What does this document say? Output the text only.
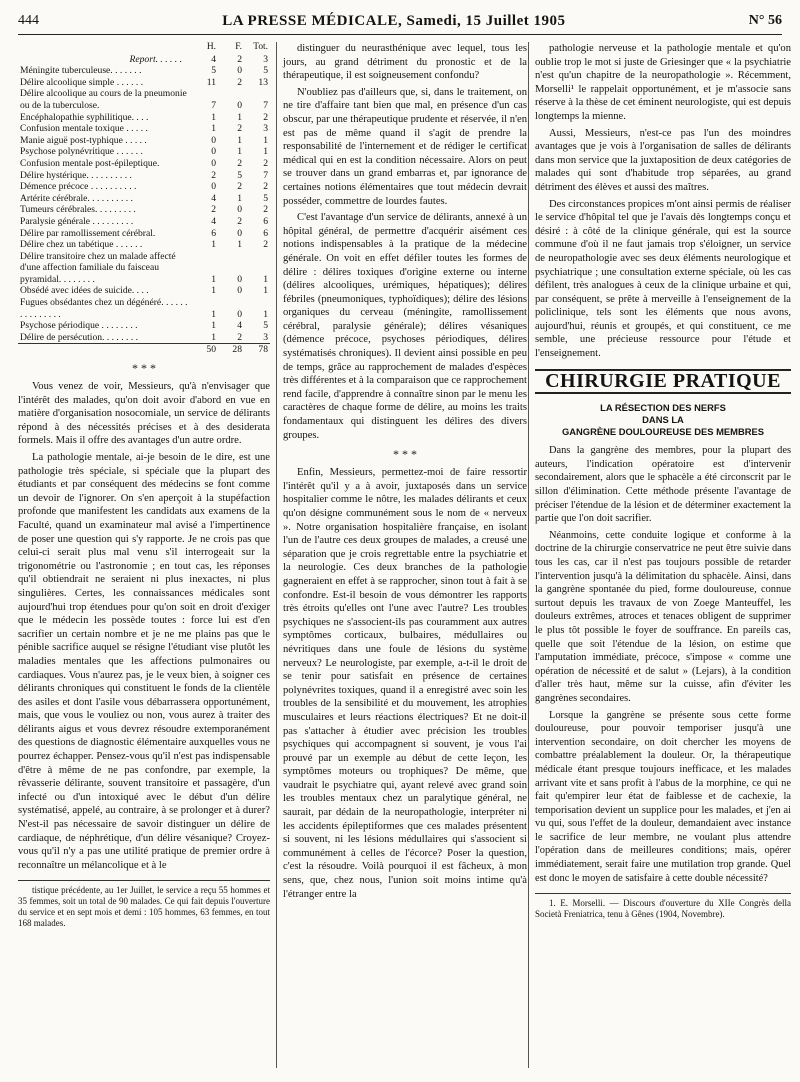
444	LA PRESSE MÉDICALE, Samedi, 15 Juillet 1905	N° 56
	H.	F.	Tot.
Report. . . . . .	4	2	3
Méningite tuberculeuse. . . . . . .	5	0	5
Délire alcoolique simple . . . . . .	11	2	13
Délire alcoolique au cours de la pneumonie ou de la tuberculose.	7	0	7
Encéphalopathie syphilitique. . . .	1	1	2
Confusion mentale toxique . . . . .	1	2	3
Manie aiguë post-typhique . . . . .	0	1	1
Psychose polynévritique . . . . . .	0	1	1
Confusion mentale post-épileptique.	0	2	2
Délire hystérique. . . . . . . . . .	2	5	7
Démence précoce . . . . . . . . . .	0	2	2
Artérite cérébrale. . . . . . . . . .	4	1	5
Tumeurs cérébrales. . . . . . . . .	2	0	2
Paralysie générale . . . . . . . . .	4	2	6
Délire par ramollissement cérébral.	6	0	6
Délire chez un tabétique . . . . . .	1	1	2
Délire transitoire chez un malade affecté d'une affection familiale du faisceau pyramidal. . . . . . . .	1	0	1
Obsédé avec idées de suicide. . . .	1	0	1
Fugues obsédantes chez un dégénéré. . . . . . . . . . . . . . .	1	0	1
Psychose périodique . . . . . . . .	1	4	5
Délire de persécution. . . . . . . .	1	2	3
	50	28	78
* * *

Vous venez de voir, Messieurs, qu'à n'envisager que l'intérêt des malades, qu'on doit avoir d'abord en vue en matière d'organisation nosocomiale, un service de délirants répond à des nécessités précises et à des desiderata formels. Mais il offre des avantages d'un autre ordre.

La pathologie mentale, ai-je besoin de le dire, est une pathologie très spéciale, si spéciale que la plupart des étudiants et par conséquent des médecins se font comme un devoir de l'ignorer. On s'en aperçoit à la stupéfaction profonde que manifestent les candidats aux examens de la Faculté, quand un examinateur mal avisé a l'impertinence de poser une question qui s'y rapporte. Je ne crois pas que celui-ci serait plus mal venu s'il interrogeait sur la trigonométrie ou l'astronomie ; en tout cas, les réponses qu'il obtiendrait ne seraient ni plus inexactes, ni plus singulières. Certes, les connaissances médicales sont aujourd'hui trop étendues pour qu'on soit en droit d'exiger que le médecin les possède toutes : force lui est d'en sacrifier un certain nombre et je ne me plains pas que le pénible sacrifice auquel se résigne l'étudiant vise plutôt les maladies mentales que les affections pulmonaires ou cardiaques. Vous n'aurez pas, je le veux bien, à soigner ces délirants chroniques qui constituent le fonds de la clientèle des asiles et dont l'asile vous débarrassera opportunément, mais, que vous le vouliez ou non, vous aurez à traiter des délirants aigus et vous devrez résoudre extemporanément des questions de diagnostic élémentaire auxquelles vous ne pourrez échapper. Pensez-vous qu'il n'est pas indispensable d'être à même de ne pas confondre, par exemple, la rêvasserie délirante, souvent transitoire et passagère, d'un infecté ou d'un intoxiqué avec le début d'un délire systématisé, appelé, au contraire, à se prolonger et à durer? N'est-il pas nécessaire de savoir distinguer un délire de cardiaque, de néphrétique, d'un délire vésanique? Croyez-vous qu'il n'y a pas une utilité pratique de premier ordre à reconnaître un mélancolique et à le

tistique précédente, au 1er Juillet, le service a reçu 55 hommes et 35 femmes, soit un total de 90 malades. Ce qui fait depuis l'ouverture du service et en sept mois et demi : 105 hommes, 63 femmes, en tout 168 malades.

distinguer du neurasthénique avec lequel, tous les jours, au grand détriment du pronostic et de la thérapeutique, il est soigneusement confondu?

N'oubliez pas d'ailleurs que, si, dans le traitement, on ne tire d'affaire tant bien que mal, en présence d'un cas obscur, par une thérapeutique prudente et réservée, il n'en est pas de même quand il s'agit de prendre la responsabilité de l'internement et de rédiger le certificat médical qui en est la condition nécessaire. Alors on peut se trouver dans un grand embarras et, par ignorance de certaines notions élémentaires que tout médecin devrait posséder, commettre de lourdes fautes.

C'est l'avantage d'un service de délirants, annexé à un hôpital général, de permettre d'acquérir aisément ces notions indispensables à la pratique de la médecine générale. On voit en effet défiler toutes les formes de délire : délires toxiques d'origine externe ou interne (délires alcooliques, urémiques, hépatiques); délires fébriles (pneumoniques, typhoïdiques); délire des lésions organiques du cerveau (méningite, ramollissement cérébral, paralysie générale); délires vésaniques (démence précoce, psychoses périodiques, délires systématisés chroniques). Il devient ainsi possible en peu de temps, grâce au rapprochement de malades d'espèces très différentes et à la comparaison que ce rapprochement rend facile, d'apprendre à connaître sinon par le menu les caractères de chaque forme de délire, au moins les traits fondamentaux qui distinguent les délires des divers groupes.

* * *

Enfin, Messieurs, permettez-moi de faire ressortir l'intérêt qu'il y a à avoir, juxtaposés dans un service hospitalier comme le nôtre, les malades délirants et ceux qu'on désigne communément sous le nom de « nerveux ». Notre organisation hospitalière française, en isolant l'un de l'autre ces deux groupes de malades, a creusé une séparation que je crois regrettable entre la psychiatrie et la neurologie. Ces deux branches de la pathologie gagneraient en effet à se rapprocher, sinon tout à fait à se confondre. Est-il besoin de vous démontrer les rapports très étroits qu'elles ont l'une avec l'autre? Les troubles psychiques ne s'associent-ils pas couramment aux autres symptômes corticaux, bulbaires, médullaires ou névritiques dans une foule de lésions du système nerveux? Le neurologiste, par exemple, a-t-il le droit de se tenir pour satisfait en présence de certaines polynévrites toxiques, quand il a enregistré avec soin les troubles de la sensibilité et du mouvement, les atrophies musculaires et leurs réactions électriques? Et ne doit-il pas s'attacher à étudier avec précision les troubles psychiques qui accompagnent si souvent, je vous l'ai prouvé par un exemple au début de cette leçon, les symptômes moteurs ou trophiques? De même, que vaudrait le psychiatre qui, ayant relevé avec grand soin les troubles mentaux chez un paralytique général, ne saurait, par dédain de la neuropathologie, interpréter ni les accidents épileptiformes que ces malades présentent si souvent, ni les lésions médullaires qui s'associent si communément à celles de l'écorce? Poser la question, c'est la résoudre. Voilà pourquoi il est fâcheux, à mon sens, que, chez nous, l'union soit moins intime qu'à l'étranger entre la

pathologie nerveuse et la pathologie mentale et qu'on oublie trop le mot si juste de Griesinger que « la psychiatrie n'est qu'un chapitre de la neuropathologie ». Récemment, Morselli¹ le rappelait opportunément, et je m'associe sans réserve à la thèse de cet éminent neurologiste, qui est depuis longtemps la mienne.

Aussi, Messieurs, n'est-ce pas l'un des moindres avantages que je vois à l'organisation de salles de délirants dans mon service que la juxtaposition de deux catégories de malades qui sont d'habitude trop séparées, au grand détriment des élèves et aussi des maîtres.

Des circonstances propices m'ont ainsi permis de réaliser le service d'hôpital tel que je l'avais dès longtemps conçu et désiré : à côté de la clinique générale, qui est la source commune d'où il ne faut jamais trop s'éloigner, un service de neuropathologie avec ses deux éléments neurologique et psychiatrique ; une consultation externe spéciale, où les cas défilent, très analogues à ceux de la clinique urbaine et qui, par conséquent, se prête à merveille à l'enseignement de la policlinique, tels sont les éléments que nous avons, aujourd'hui, réunis et groupés, et qui constituent, ce me semble, une précieuse ressource pour l'étude et l'enseignement.

CHIRURGIE PRATIQUE
LA RÉSECTION DES NERFS
DANS LA
GANGRÈNE DOULOUREUSE DES MEMBRES

Dans la gangrène des membres, pour la plupart des auteurs, l'indication opératoire est d'intervenir secondairement, alors que le sphacèle a été circonscrit par le sillon d'élimination. Cette méthode présente l'avantage de préciser l'étendue de la lésion et de déterminer exactement la partie que l'on doit sacrifier.

Néanmoins, cette conduite logique et conforme à la doctrine de la chirurgie conservatrice ne peut être suivie dans tous les cas, car il n'est pas toujours possible de retarder l'intervention jusqu'à la délimitation du sphacèle. Ainsi, dans la gangrène spontanée du pied, forme douloureuse, connue surtout depuis les travaux de von Zoege Manteuffel, les douleurs extrêmes, atroces et tenaces obligent de supprimer le plus tôt possible le foyer de souffrance. En pareils cas, quelle que soit l'étendue de la lésion, on estime que l'amputation immédiate, précoce, s'impose « comme une opération de nécessité et de salut » (Lejars), à la condition d'aller très haut, même sur la cuisse, afin d'éviter les gangrènes secondaires.

Lorsque la gangrène se présente sous cette forme douloureuse, pour pouvoir temporiser jusqu'à une intervention secondaire, on doit chercher les moyens de combattre préalablement la douleur. Or, la thérapeutique médicale étant presque toujours inefficace, et les malades arrivant vite et sans profit à l'abus de la morphine, ce qui ne fait qu'empirer leur état de faiblesse et de cachexie, la temporisation devient un supplice pour les malades, et j'en ai vu qui, sous l'effet de la douleur, demandaient avec instance le sacrifice de leur membre, ne voulant plus attendre l'opération dans de meilleures conditions; mais, opérer immédiatement, serait faire une mutilation trop grande. Quel est donc le moyen de satisfaire à cette double nécessité?

1. E. Morselli. — Discours d'ouverture du XIIe Congrès della Società Freniatrica, tenu à Gênes (1904, Novembre).
